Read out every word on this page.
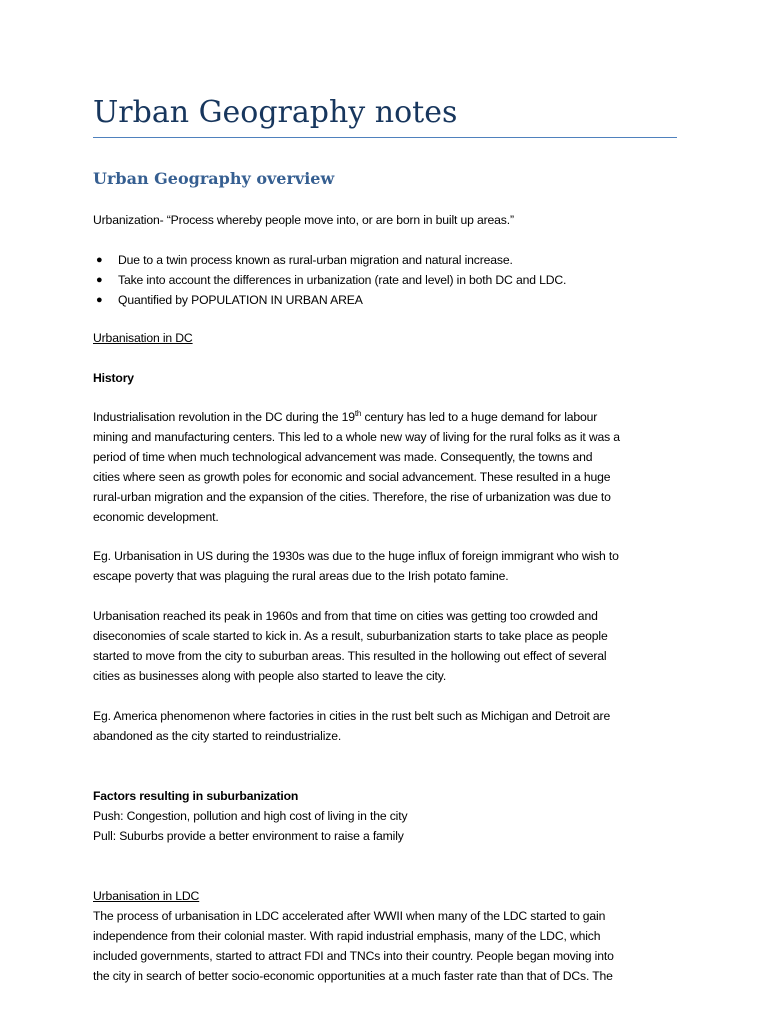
Urban Geography notes
Urban Geography overview

Urbanization- “Process whereby people move into, or are born in built up areas.”

● Due to a twin process known as rural-urban migration and natural increase.
● Take into account the differences in urbanization (rate and level) in both DC and LDC.
● Quantified by POPULATION IN URBAN AREA

Urbanisation in DC

History

Industrialisation revolution in the DC during the 19th century has led to a huge demand for labour

mining and manufacturing centers. This led to a whole new way of living for the rural folks as it was a

period of time when much technological advancement was made. Consequently, the towns and

cities where seen as growth poles for economic and social advancement. These resulted in a huge

rural-urban migration and the expansion of the cities. Therefore, the rise of urbanization was due to

economic development.

Eg. Urbanisation in US during the 1930s was due to the huge influx of foreign immigrant who wish to

escape poverty that was plaguing the rural areas due to the Irish potato famine.

Urbanisation reached its peak in 1960s and from that time on cities was getting too crowded and

diseconomies of scale started to kick in. As a result, suburbanization starts to take place as people

started to move from the city to suburban areas. This resulted in the hollowing out effect of several

cities as businesses along with people also started to leave the city.

Eg. America phenomenon where factories in cities in the rust belt such as Michigan and Detroit are

abandoned as the city started to reindustrialize.

Factors resulting in suburbanization

Push: Congestion, pollution and high cost of living in the city

Pull: Suburbs provide a better environment to raise a family

Urbanisation in LDC

The process of urbanisation in LDC accelerated after WWII when many of the LDC started to gain

independence from their colonial master. With rapid industrial emphasis, many of the LDC, which

included governments, started to attract FDI and TNCs into their country. People began moving into

the city in search of better socio-economic opportunities at a much faster rate than that of DCs. The
